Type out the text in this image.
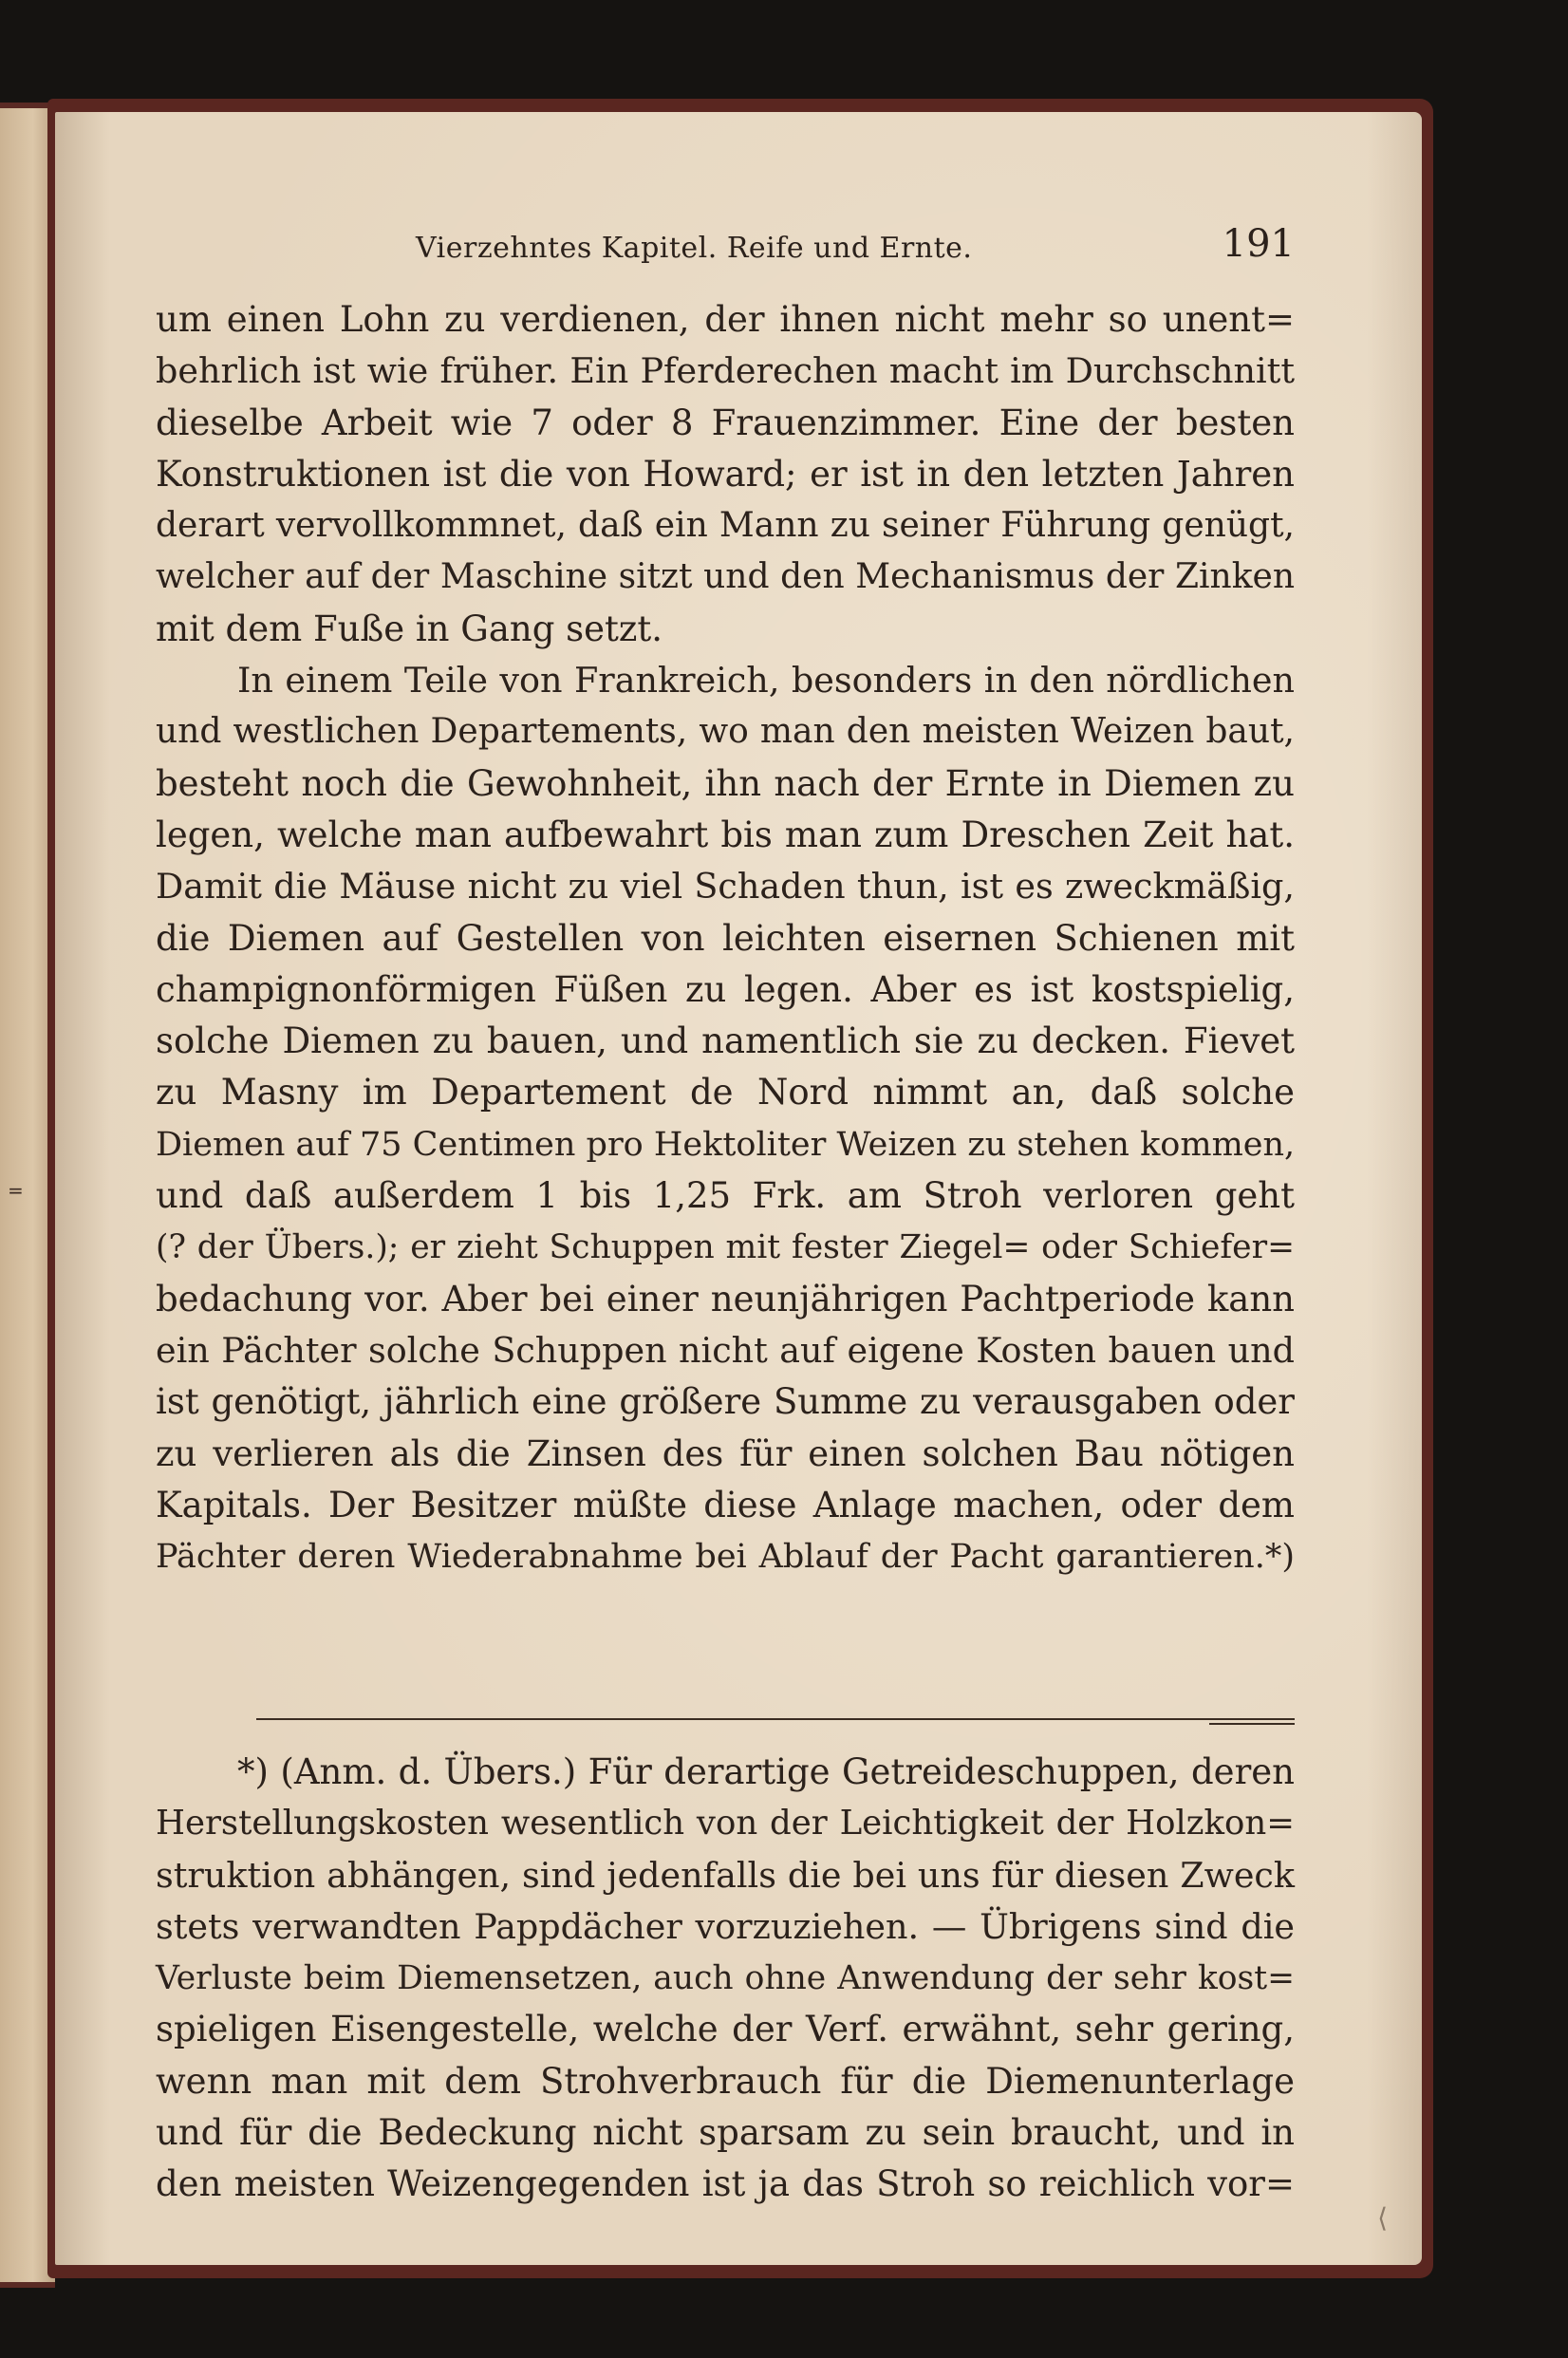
=
Vierzehntes Kapitel. Reife und Ernte.	191
um einen Lohn zu verdienen, der ihnen nicht mehr so unent=
behrlich ist wie früher. Ein Pferderechen macht im Durchschnitt
dieselbe Arbeit wie 7 oder 8 Frauenzimmer. Eine der besten
Konstruktionen ist die von Howard; er ist in den letzten Jahren
derart vervollkommnet, daß ein Mann zu seiner Führung genügt,
welcher auf der Maschine sitzt und den Mechanismus der Zinken
mit dem Fuße in Gang setzt.
In einem Teile von Frankreich, besonders in den nördlichen
und westlichen Departements, wo man den meisten Weizen baut,
besteht noch die Gewohnheit, ihn nach der Ernte in Diemen zu
legen, welche man aufbewahrt bis man zum Dreschen Zeit hat.
Damit die Mäuse nicht zu viel Schaden thun, ist es zweckmäßig,
die Diemen auf Gestellen von leichten eisernen Schienen mit
champignonförmigen Füßen zu legen. Aber es ist kostspielig,
solche Diemen zu bauen, und namentlich sie zu decken. Fievet
zu Masny im Departement de Nord nimmt an, daß solche
Diemen auf 75 Centimen pro Hektoliter Weizen zu stehen kommen,
und daß außerdem 1 bis 1,25 Frk. am Stroh verloren geht
(? der Übers.); er zieht Schuppen mit fester Ziegel= oder Schiefer=
bedachung vor. Aber bei einer neunjährigen Pachtperiode kann
ein Pächter solche Schuppen nicht auf eigene Kosten bauen und
ist genötigt, jährlich eine größere Summe zu verausgaben oder
zu verlieren als die Zinsen des für einen solchen Bau nötigen
Kapitals. Der Besitzer müßte diese Anlage machen, oder dem
Pächter deren Wiederabnahme bei Ablauf der Pacht garantieren.*)
*) (Anm. d. Übers.) Für derartige Getreideschuppen, deren
Herstellungskosten wesentlich von der Leichtigkeit der Holzkon=
struktion abhängen, sind jedenfalls die bei uns für diesen Zweck
stets verwandten Pappdächer vorzuziehen. — Übrigens sind die
Verluste beim Diemensetzen, auch ohne Anwendung der sehr kost=
spieligen Eisengestelle, welche der Verf. erwähnt, sehr gering,
wenn man mit dem Strohverbrauch für die Diemenunterlage
und für die Bedeckung nicht sparsam zu sein braucht, und in
den meisten Weizengegenden ist ja das Stroh so reichlich vor=
⟨
